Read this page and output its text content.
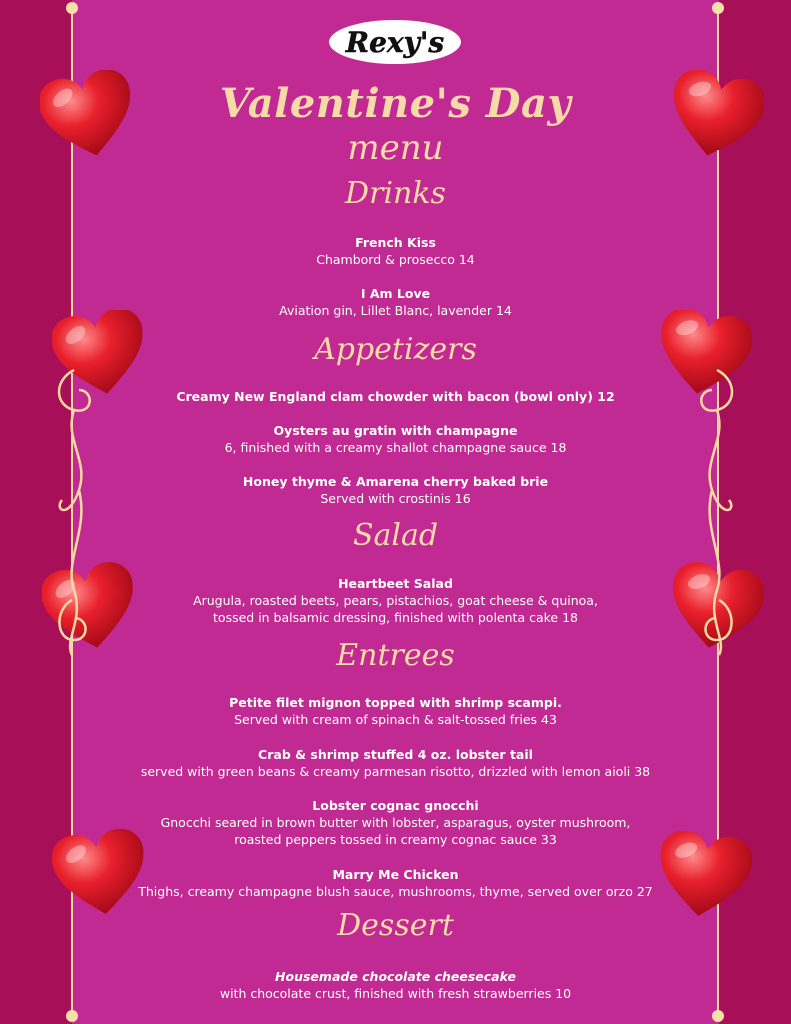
Rexy's
Valentine's Day
menu
Drinks
French Kiss
Chambord & prosecco 14
I Am Love
Aviation gin, Lillet Blanc, lavender 14
Appetizers
Creamy New England clam chowder with bacon (bowl only) 12
Oysters au gratin with champagne
6, finished with a creamy shallot champagne sauce 18
Honey thyme & Amarena cherry baked brie
Served with crostinis 16
Salad
Heartbeet Salad
Arugula, roasted beets, pears, pistachios, goat cheese & quinoa,
tossed in balsamic dressing, finished with polenta cake 18
Entrees
Petite filet mignon topped with shrimp scampi.
Served with cream of spinach & salt-tossed fries 43
Crab & shrimp stuffed 4 oz. lobster tail
served with green beans & creamy parmesan risotto, drizzled with lemon aioli 38
Lobster cognac gnocchi
Gnocchi seared in brown butter with lobster, asparagus, oyster mushroom,
roasted peppers tossed in creamy cognac sauce 33
Marry Me Chicken
Thighs, creamy champagne blush sauce, mushrooms, thyme, served over orzo 27
Dessert
Housemade chocolate cheesecake
with chocolate crust, finished with fresh strawberries 10
